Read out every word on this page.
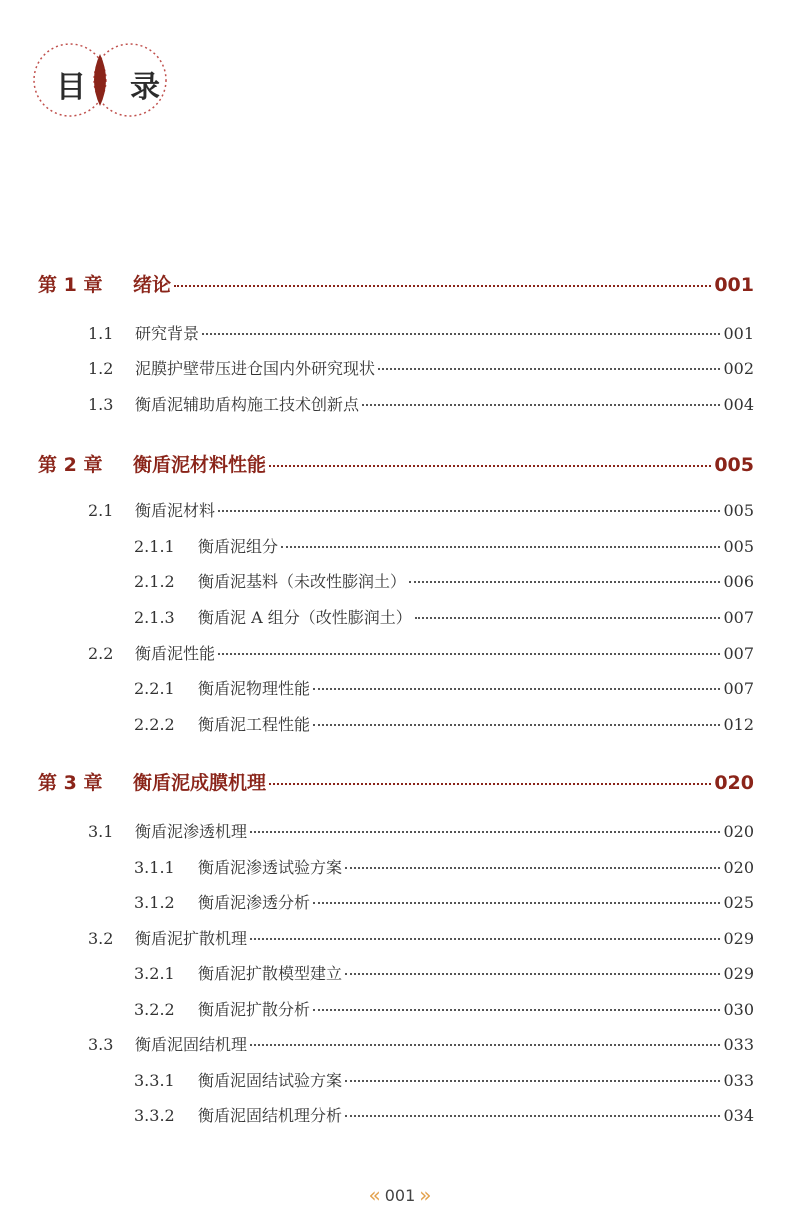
目 录
第 1 章	绪论	001
1.1	研究背景	001
1.2	泥膜护壁带压进仓国内外研究现状	002
1.3	衡盾泥辅助盾构施工技术创新点	004
第 2 章	衡盾泥材料性能	005
2.1	衡盾泥材料	005
2.1.1	衡盾泥组分	005
2.1.2	衡盾泥基料（未改性膨润土）	006
2.1.3	衡盾泥 A 组分（改性膨润土）	007
2.2	衡盾泥性能	007
2.2.1	衡盾泥物理性能	007
2.2.2	衡盾泥工程性能	012
第 3 章	衡盾泥成膜机理	020
3.1	衡盾泥渗透机理	020
3.1.1	衡盾泥渗透试验方案	020
3.1.2	衡盾泥渗透分析	025
3.2	衡盾泥扩散机理	029
3.2.1	衡盾泥扩散模型建立	029
3.2.2	衡盾泥扩散分析	030
3.3	衡盾泥固结机理	033
3.3.1	衡盾泥固结试验方案	033
3.3.2	衡盾泥固结机理分析	034
« 001 »
